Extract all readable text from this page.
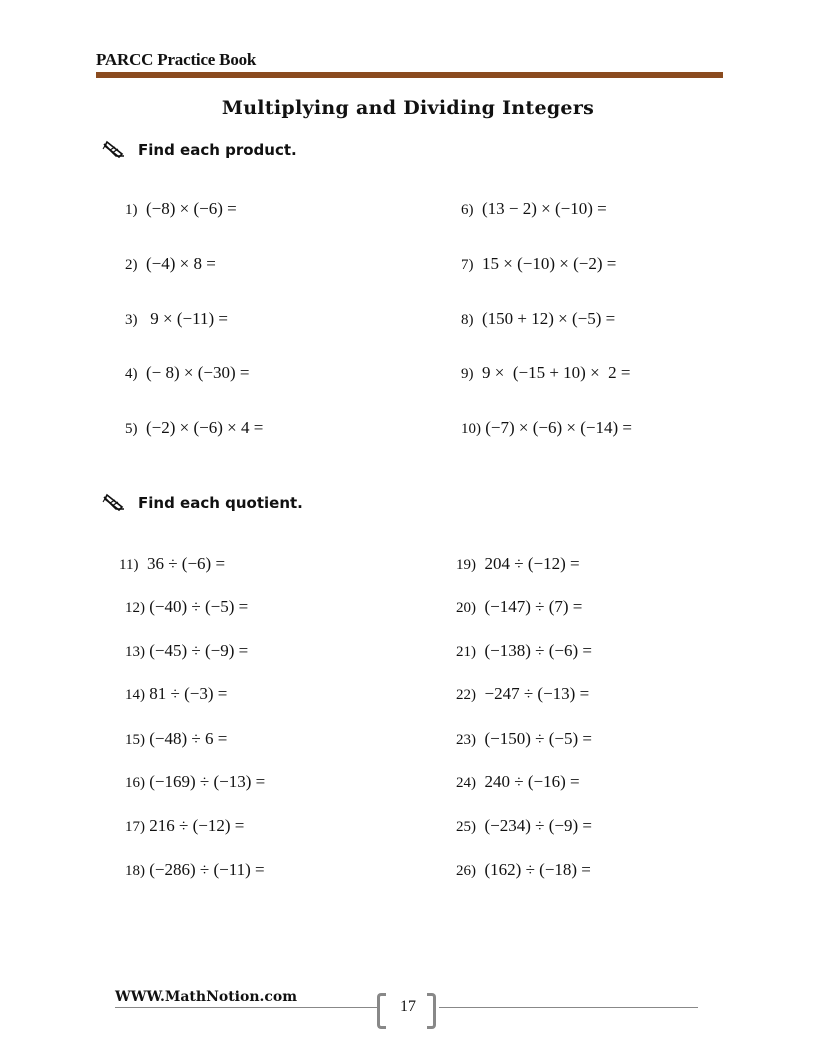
PARCC Practice Book
Multiplying and Dividing Integers
Find each product.
1) (−8) × (−6) =
2) (−4) × 8 =
3)   9 × (−11) =
4) (− 8) × (−30) =
5) (−2) × (−6) × 4 =
6) (13 − 2) × (−10) =
7) 15 × (−10) × (−2) =
8) (150 + 12) × (−5) =
9) 9 ×  (−15 + 10) ×  2 =
10) (−7) × (−6) × (−14) =
Find each quotient.
11) 36 ÷ (−6) =
12) (−40) ÷ (−5) =
13) (−45) ÷ (−9) =
14) 81 ÷ (−3) =
15) (−48) ÷ 6 =
16) (−169) ÷ (−13) =
17) 216 ÷ (−12) =
18) (−286) ÷ (−11) =
19) 204 ÷ (−12) =
20) (−147) ÷ (7) =
21) (−138) ÷ (−6) =
22) −247 ÷ (−13) =
23) (−150) ÷ (−5) =
24) 240 ÷ (−16) =
25) (−234) ÷ (−9) =
26) (162) ÷ (−18) =
WWW.MathNotion.com
17
